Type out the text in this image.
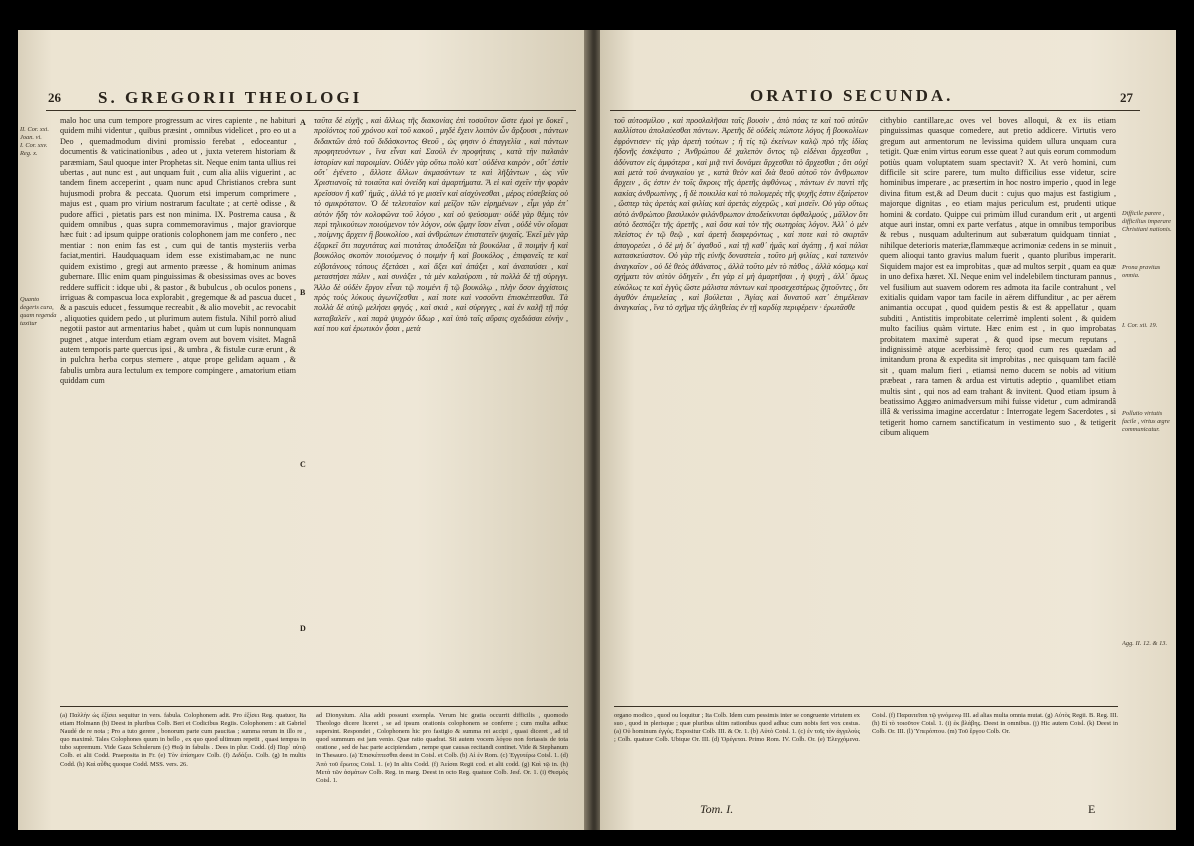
26 S. GREGORII THEOLOGI
II. Cor. xxi.
Joan. vi.
I. Cor. xxv.
Reg. x.
Quanto degeris cura, quam regenda taxitur

malo hoc una cum tempore progressum ac vires capiente , ne habituri quidem mihi videntur , quibus præsint , omnibus videlicet , pro eo ut a Deo , quemadmodum divini promissio ferebat , edoceantur , documentis & vaticinationibus , adeo ut , juxta veterem historiam & paræmiam, Saul quoque inter Prophetas sit. Neque enim tanta ullius rei ubertas , aut nunc est , aut unquam fuit , cum alia aliis viguerint , ac tandem finem acceperint , quam nunc apud Christianos crebra sunt hujusmodi probra & peccata. Quorum etsi imperum comprimere , majus est , quam pro virium nostrarum facultate ; at certè odisse , & pudore affici , pietatis pars est non minima. IX. Postrema causa , & quidem omnibus , quas supra commemoravimus , major graviorque hæc fuit : ad ipsum quippe orationis colophonem jam me confero , nec mentiar : non enim fas est , cum qui de tantis mysteriis verba faciat,mentiri. Haudquaquam idem esse existimabam,ac ne nunc quidem existimo , gregi aut armento præesse , & hominum animas gubernare. Illic enim quam pinguissimas & obesissimas oves ac boves reddere sufficit : idque ubi , & pastor , & bubulcus , ob oculos ponens , irriguas & compascua loca explorabit , gregemque & ad pascua ducet , & a pascuis educet , fessumque recreabit , & alio movebit , ac revocabit , aliquoties quidem pedo , ut plurimum autem fistula. Nihil porrò aliud negotii pastor aut armentarius habet , quàm ut cum lupis nonnunquam pugnet , atque interdum etiam ægram ovem aut bovem visitet. Magnâ autem temporis parte quercus ipsi , & umbra , & fistulæ curæ erunt , & in pulchra herba corpus sternere , atque prope gelidam aquam , & fabulis umbra aura lectulum ex tempore compingere , amatorium etiam quiddam cum

A
B
C
D

ταῦτα δὲ εὐχῆς , καὶ ἄλλως τῆς διακονίας ἐπὶ τοσοῦτον ὥστε ἐμοὶ γε δοκεῖ , προϊόντος τοῦ χρόνου καὶ τοῦ κακοῦ , μηδὲ ἔχειν λοιπὸν ὧν ἄρξουσι , πάντων διδακτῶν ἀπὸ τοῦ διδάσκοντος Θεοῦ , ὡς φησιν ὁ ἐπαγγελία , καὶ πάντων προφητευόντων , ἵνα εἶναι καὶ Σαοὺλ ἐν προφήταις , κατὰ τὴν παλαιὰν ἱστορίαν καὶ παροιμίαν. Οὐδὲν γὰρ οὕτω πολὺ κατ᾽ οὐδένα καιρὸν , οὔτ᾽ ἐστὶν οὔτ᾽ ἐγένετο , ἄλλοτε ἄλλων ἀκμασάντων τε καὶ λῆξάντων , ὡς νῦν Χριστιανοῖς τὰ τοιαῦτα καὶ ὀνείδη καὶ ἁμαρτήματα. Ἃ εἰ καὶ σχεῖν τὴν φορὰν κρεῖσσον ἢ καθ᾽ ἡμᾶς , ἀλλά τό γε μισεῖν καὶ αἰσχύνεσθαι , μέρος εὐσεβείας οὐ τὸ σμικρότατον. Ὁ δὲ τελευταῖον καὶ μεῖζον τῶν εἰρημένων , εἶμι γὰρ ἐπ᾽ αὐτὸν ἤδη τὸν κολοφῶνα τοῦ λόγου , καὶ οὐ ψεύσομαι· οὐδὲ γὰρ θέμις τὸν περὶ τηλικούτων ποιούμενον τὸν λόγον, οὐκ ᾤμην ἴσον εἶναι , οὐδὲ νῦν οἴομαι , ποίμνης ἄρχειν ἢ βουκολίου , καὶ ἀνθρώπων ἐπιστατεῖν ψυχαῖς. Ἐκεῖ μὲν γὰρ ἐξαρκεῖ ὅτι παχυτάτας καὶ πιοτάτας ἀποδεῖξαι τὰ βουκόλια , ἃ ποιμὴν ἢ καὶ βουκόλος σκοπὸν ποιούμενος ὁ ποιμὴν ἢ καὶ βουκόλος , ἐπιφανεῖς τε καὶ εὐβοτάνους τόπους ἐξετάσει , καὶ ἄξει καὶ ἀπάξει , καὶ ἀναπαύσει , καὶ μεταστήσει πάλιν , καὶ συνάξει , τὰ μὲν καλαύροπι , τὰ πολλὰ δὲ τῇ σύριγγι. Ἄλλο δὲ οὐδὲν ἔργον εἶναι τῷ ποιμένι ἢ τῷ βουκόλῳ , πλὴν ὅσον ἀγχίστοις πρὸς τοὺς λύκους ἀγωνίζεσθαι , καί ποτε καὶ νοσοῦντι ἐπισκέπτεσθαι. Τὰ πολλὰ δὲ αὐτῷ μελήσει φηγός , καὶ σκιά , καὶ σύριγγες , καὶ ἐν καλῇ τῇ πόᾳ καταβαλεῖν , καὶ παρὰ ψυχρὸν ὕδωρ , καὶ ὑπὸ ταῖς αὔραις σχεδιάσαι εὐνὴν , καί που καὶ ἐρωτικὸν ᾆσαι , μετὰ

(a) Παλλὴν ὡς ἐξίσει sequitur in vers. fabula. Colophonem adit. Pro ἐξίσει Reg. quatuor, Ita etiam Holmann (b) Deest in pluribus Colb. Beri et Codicibus Regiis. Colophonem : ait Gabriel Naudé de re nota ; Pro a tuto gerere , bonorum parte cum paucitas ; summa rerum in illo re , quo maximè. Tales Colophones quum in bello , ex quo quod ultimum repetit , quasi tempus in tubo supremum. Vide Gaza Schulerum (c) Θεῷ in fabulis . Dees in plur. Codd. (d) Παρ᾽ αὐτῷ Colb. et alii Codd. Praeposita in Fr. (e) Τὸν ἐπίσημον Colb. (f) Διδάξει. Colb. (g) In multis Codd. (h) Καὶ αὖθις quoque Codd. MSS. vers. 26.

ad Dionysium. Alia addi possunt exempla. Verum hic gratia occurrit difficilis , quomodo Theologo dicere liceret , se ad ipsum orationis colophonem se conferre ; cum multa adhuc supersint. Respondet , Colophonem hic pro fastigio & summa rei accipi , quasi diceret , ad id quod summum est jam venio. Quæ ratio quadrat. Sit autem vocem λόγου non fortassis de tota oratione , sed de hac parte accipiendam , nempe quæ causas recitandi continet. Vide & Stephanum in Thesauro. (a) Ἐπισκέπτεσθαι deest in Coisl. et Colb. (b) Αἱ ἐν Rom. (c) Ἐγγυτέρω Coisl. 1. (d) Ἀπὸ τοῦ ἔρωτος Coisl. 1. (e) In aliis Codd. (f) Ἀείσαι Regii cod. et alii codd. (g) Καὶ τῷ in. (h) Μετὰ τῶν ἀσμάτων Colb. Reg. in marg. Deest in octo Reg. quatuor Colb. Jesf. Or. 1. (i) Θεσμὸς Coisl. 1.

ORATIO SECUNDA.	27

τοῦ αὐτοσμίλου , καὶ προσλαλῆσαι ταῖς βουσὶν , ἀπὸ πόας τε καὶ τοῦ αὐτῶν καλλίστου ἀπολαύεσθαι πάντων. Ἀρετῆς δὲ οὐδεὶς πώποτε λόγος ἢ βουκολίων ἐφρόντισεν· τίς γὰρ ἀρετὴ τούτων ; ἢ τίς τῷ ἐκείνων καλῷ πρὸ τῆς ἰδίας ἡδονῆς ἐσκέψατο ; Ἀνθρώπου δὲ χαλεπὸν ὄντος τῷ εἰδέναι ἄρχεσθαι , ἀδύνατον εἰς ἀμφότερα , καὶ μιᾷ τινὶ δυνάμει ἄρχεσθαι τὸ ἄρχεσθαι ; ὅτι οὐχὶ καὶ μετὰ τοῦ ἀναγκαίου γε , κατὰ θεὸν καὶ διὰ θεοῦ αὐτοῦ τὸν ἄνθρωπον ἄρχειν , ὃς ἐστιν ἐν τοῖς ἄκροις τῆς ἀρετῆς ἀφθόνως , πάντων ἐν παντὶ τῆς κακίας ἀνθρωπίνης , ἢ δὲ ποικιλία καὶ τὸ πολυμερὲς τῆς ψυχῆς ἐστιν ἐξαίρετον , ὥσπερ τὰς ἀρετὰς καὶ φιλίας καὶ ἀρετὰς εὐχερῶς , καὶ μισεῖν. Οὐ γὰρ οὕτως αὐτὸ ἀνθρώπου βασιλικὸν φιλάνθρωπον ἀποδείκνυται ὀφθαλμούς , μᾶλλον ὅτι αὐτὸ δεσπόζει τῆς ἀρετῆς , καὶ ὅσα καὶ τὸν τῆς σωτηρίας λόγον. Ἀλλ᾽ ὁ μὲν πλείστος ἐν τῷ θεῷ , καὶ ἀρετὴ διαφερόντως , καί ποτε καὶ τὸ σκιρτᾶν ἀπαγορεύει , ὁ δὲ μὴ δι᾽ ἀγαθοῦ , καὶ τῇ καθ᾽ ἡμᾶς καὶ ἀγάπῃ , ἢ καὶ πάλαι κατασκεύαστον. Οὐ γὰρ τῆς εὐνῆς δυναστεία , τοῦτο μὴ φιλίας , καὶ ταπεινὸν ἀναγκαῖον , οὐ δὲ θεὸς ἀθάνατος , ἀλλὰ τοῦτο μὲν τὸ πάθος , ἀλλὰ κόσμῳ καὶ σχήματι τὸν αὐτὸν ὁδηγεῖν , ἔτι γὰρ εἰ μὴ ἁμαρτῆσαι , ἡ ψυχὴ , ἀλλ᾽ ὅμως εὐκόλως τε καὶ ἐγγὺς ὥστε μάλιστα πάντων καὶ προσεχεστέρως ζητοῦντες , ὅτι ἀγαθὸν ἐπιμελείας , καὶ βούλεται , Ἀγίας καὶ δυνατοῦ κατ᾽ ἐπιμέλειαν ἀναγκαίας , ἵνα τὸ σχῆμα τῆς ἀληθείας ἐν τῇ καρδίᾳ περιφέρειν · ἐρωτᾶσθε

cithybio cantillare,ac oves vel boves alloqui, & ex iis etiam pinguissimas quasque comedere, aut pretio addicere. Virtutis vero gregum aut armentorum ne levissima quidem ullura unquam cura tetigit. Quæ enim virtus eorum esse queat ? aut quis eorum commodum potiùs quam voluptatem suam spectavit? X. At verò homini, cum difficile sit scire parere, tum multo difficilius esse videtur, scire hominibus imperare , ac præsertim in hoc nostro imperio , quod in lege divina fitum est,& ad Deum ducit : cujus quo majus est fastigium , majorque dignitas , eo etiam majus periculum est, prudenti utique homini & cordato. Quippe cui primùm illud curandum erit , ut argenti atque auri instar, omni ex parte verfatus , atque in omnibus temporibus & rebus , nusquam adulterinum aut subæratum quidquam tinniat , nihilque deterioris materiæ,flammæque acrimoniæ cedens in se minuit , quem alioqui tanto gravius malum fuerit , quanto pluribus imperarit. Siquidem major est ea improbitas , quæ ad multos serpit , quam ea quæ in uno defixa hæret. XI. Neque enim vel indelebilem tincturam pannus , vel fusilium aut suavem odorem res admota ita facile contrahunt , vel exitialis quidam vapor tam facile in aërem diffunditur , ac per aërem animantia occupat , quod quidem pestis & est & appellatur , quam subditi , Antistitis improbitate celerrimè implenti solent , & quidem multo facilius quàm virtute. Hæc enim est , in quo improbatas probitatem maximè superat , & quod ipse mecum reputans , indignissimè atque acerbissimè fero; quod cum res quædam ad imitandum prona & expedita sit improbitas , nec quisquam tam facilè sit , quam malum fieri , etiamsi nemo ducem se nobis ad vitium præbeat , rara tamen & ardua est virtutis adeptio , quamlibet etiam multis sint , qui nos ad eam trahant & invitent. Quod etiam ipsum à beatissimo Aggæo animadversum mihi fuisse videtur , cum admirandâ illâ & verissima imagine accerdatur : Interrogate legem Sacerdotes , si tetigerit homo carnem sanctificatum in vestimento suo , & tetigerit cibum aliquem

Difficile parere , difficilius imperare Christiani nationis.
Prona pravitas omnia.
I. Cor. xii. 19.
Pollutio virtutis facile , virtus ægre communicatur.
Agg. II. 12. & 13.

organo modico , quod ou loquitur ; Ita Colb. Idem cum pessimis inter se congruente virtutem ex suo , quod in plerisque ; quæ pluribus ultim rationibus quod adhuc cum nobis fert vox cestus. (a) Οὐ hominum ἐγγύς. Expositur Colb. III. & Or. 1. (b) Αὐτὸ Coisl. 1. (c) ἐν τοῖς τὸν ἀγγελοὺς ; Colb. quatuor Colb. Ubique Or. III. (d) Ὁρέγεται. Primo Rom. IV. Colb. Or. (e) Ἐλεγχόμενα. Coisl. (f) Παραιτεῖται τῷ γινόμενῳ III. ad alias multa omnia mutat. (g) Αὐτὸς Regii. B. Reg. III. (h) Εἰ τὸ τοιοῦτον Coisl. 1. (i) ἐκ βλάβης. Deest in omnibus. (j) Hic autem Coisl. (k) Deest in Colb. Or. III. (l) Ὑπερόπτου. (m) Τοῦ ἔργου Colb. Or.

Tom. I.	E
